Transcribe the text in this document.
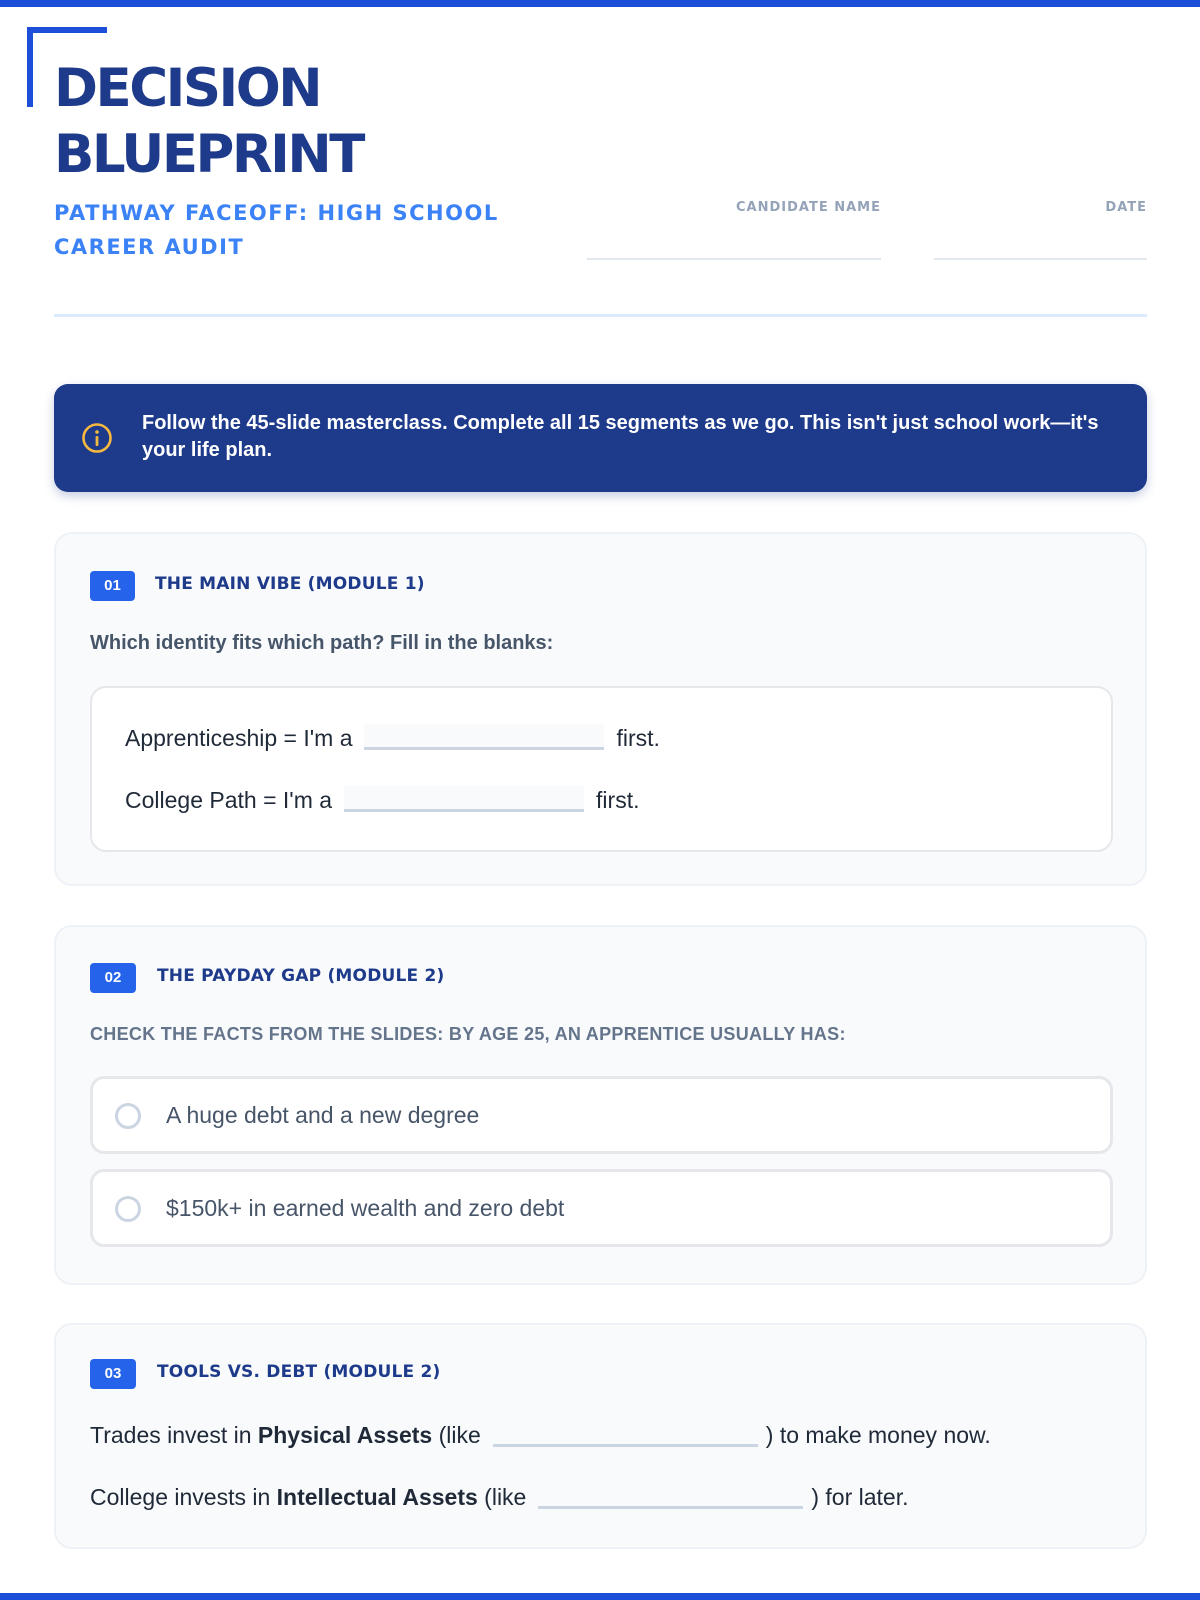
DECISION
BLUEPRINT
PATHWAY FACEOFF: HIGH SCHOOL CAREER AUDIT
CANDIDATE NAME	DATE
Follow the 45-slide masterclass. Complete all 15 segments as we go. This isn't just school work—it's your life plan.
01	THE MAIN VIBE (MODULE 1)
Which identity fits which path? Fill in the blanks:
Apprenticeship = I'm a	first.
College Path = I'm a	first.
02	THE PAYDAY GAP (MODULE 2)
CHECK THE FACTS FROM THE SLIDES: BY AGE 25, AN APPRENTICE USUALLY HAS:
A huge debt and a new degree
$150k+ in earned wealth and zero debt
03	TOOLS VS. DEBT (MODULE 2)
Trades invest in Physical Assets (like	) to make money now.
College invests in Intellectual Assets (like	) for later.
